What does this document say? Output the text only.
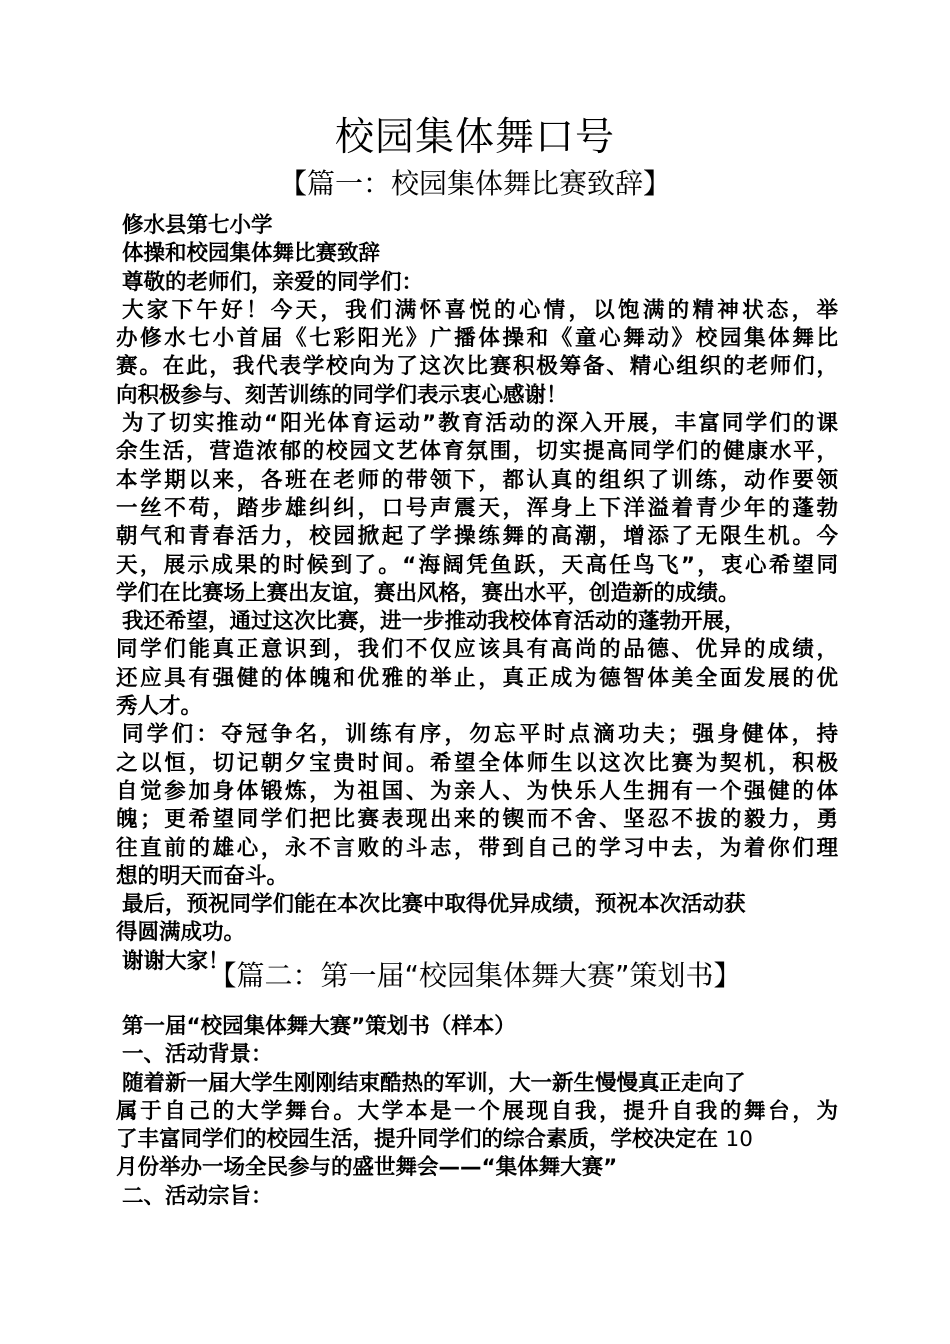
校园集体舞口号
【篇一：校园集体舞比赛致辞】

修水县第七小学

体操和校园集体舞比赛致辞

尊敬的老师们，亲爱的同学们：

大家下午好！今天，我们满怀喜悦的心情，以饱满的精神状态，举
办修水七小首届《七彩阳光》广播体操和《童心舞动》校园集体舞比
赛。在此，我代表学校向为了这次比赛积极筹备、精心组织的老师们，
向积极参与、刻苦训练的同学们表示衷心感谢！

为了切实推动“阳光体育运动”教育活动的深入开展，丰富同学们的课
余生活，营造浓郁的校园文艺体育氛围，切实提高同学们的健康水平，
本学期以来，各班在老师的带领下，都认真的组织了训练，动作要领
一丝不苟，踏步雄纠纠，口号声震天，浑身上下洋溢着青少年的蓬勃
朝气和青春活力，校园掀起了学操练舞的高潮，增添了无限生机。今
天，展示成果的时候到了。“海阔凭鱼跃，天高任鸟飞”，衷心希望同
学们在比赛场上赛出友谊，赛出风格，赛出水平，创造新的成绩。

我还希望，通过这次比赛，进一步推动我校体育活动的蓬勃开展，
同学们能真正意识到，我们不仅应该具有高尚的品德、优异的成绩，
还应具有强健的体魄和优雅的举止，真正成为德智体美全面发展的优
秀人才。

同学们：夺冠争名，训练有序，勿忘平时点滴功夫；强身健体，持
之以恒，切记朝夕宝贵时间。希望全体师生以这次比赛为契机，积极
自觉参加身体锻炼，为祖国、为亲人、为快乐人生拥有一个强健的体
魄；更希望同学们把比赛表现出来的锲而不舍、坚忍不拔的毅力，勇
往直前的雄心，永不言败的斗志，带到自己的学习中去，为着你们理
想的明天而奋斗。

最后，预祝同学们能在本次比赛中取得优异成绩，预祝本次活动获
得圆满成功。

谢谢大家！

【篇二：第一届“校园集体舞大赛”策划书】

第一届“校园集体舞大赛”策划书（样本）

一、活动背景：

随着新一届大学生刚刚结束酷热的军训，大一新生慢慢真正走向了
属于自己的大学舞台。大学本是一个展现自我，提升自我的舞台，为
了丰富同学们的校园生活，提升同学们的综合素质，学校决定在 10
月份举办一场全民参与的盛世舞会——“集体舞大赛”

二、活动宗旨：
